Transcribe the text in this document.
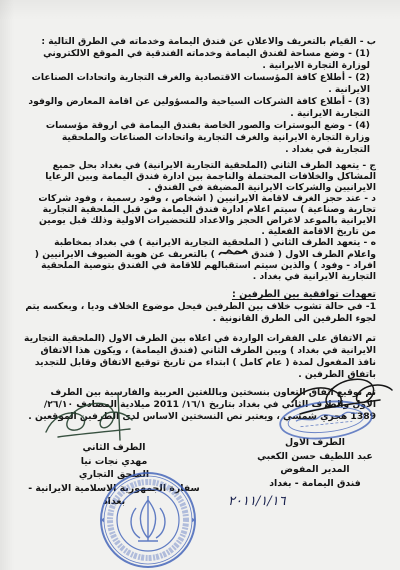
ب - القيام بالتعريف والاعلان عن فندق اليمامة وخدماته في الطرق التالية :
(1) - وضع مساحة لفندق اليمامة وخدماته الفندقية في الموقع الالكتروني لوزارة التجارة الايرانية .
(2) - أطلاع كافة المؤسسات الاقتصادية والغرف التجارية واتحادات الصناعات الايرانية .
(3) - أطلاع كافة الشركات السياحية والمسؤولين عن اقامة المعارض والوفود التجارية الايرانية .
(4) - وضع البوسترات والصور الخاصة بفندق اليمامة في اروقة مؤسسات وزارة التجارة الايرانية والغرف التجارية واتحادات الصناعات والملحقية التجارية في بغداد .
ج - يتعهد الطرف الثاني (الملحقية التجارية الايرانية) في بغداد بحل جميع المشاكل والخلافات المحتملة والناجمة بين ادارة فندق اليمامة وبين الرعايا الايرانيين والشركات الايرانية المضيفة في الفندق .
د - عند حجز الغرف لاقامة الايرانيين ( اشخاص ، وفود رسمية ، وفود شركات تجارية وصناعية ) سيتم اعلام ادارة فندق اليمامة من قبل الملحقية التجارية الايرانية بالموعد لاغراض الحجز والاعداد للتحضيرات الاولية وذلك قبل يومين من تاريخ الاقامة الفعلية .
ه - يتعهد الطرف الثاني ( الملحقية التجارية الايرانية ) في بغداد بمخاطبة واعلام الطرف الاول ( فندق  ) بالتعريف عن هوية الضيوف الايرانيين ( افراد - وفود ) والذين سيتم استقبالهم للاقامة في الفندق بتوصية الملحقية التجارية الايرانية في بغداد .
تعهدات توافقية بين الطرفين :
1- في حالة تشوب خلاف بين الطرفين فيحل موضوع الخلاف وديا ، وبعكسه يتم لجوء الطرفين الى الطرق القانونية .
تم الاتفاق على الفقرات الواردة في اعلاه بين الطرف الاول (الملحقية التجارية الايرانية في بغداد ) وبين الطرف الثاني (فندق اليمامة) ، ويكون هذا الاتفاق نافذ المفعول لمدة ( عام كامل ) ابتداء من تاريخ توقيع الاتفاق وقابل للتجديد باتفاق الطرفين .
تم توقيع اتفاق التعاون بنسختين وباللغتين العربية والفارسية بين الطرف الاول والطرف الثاني في بغداد بتاريخ ١٦/١/ 2011 ميلادية المصادف ٢٦/١٠/ 1389 هجري شمسي ، ويعتبر نص النسختين الاساس لدى الطرفين الموقعين .
الطرف الاول
عبد اللطيف حسن الكعبي
المدير المفوض
فندق اليمامة - بغداد
الطرف الثاني
مهدي نجات نيا
الملحق التجاري
سفارة الجمهورية الاسلامية الايرانية - بغداد	٢٠١١/١/١٦
